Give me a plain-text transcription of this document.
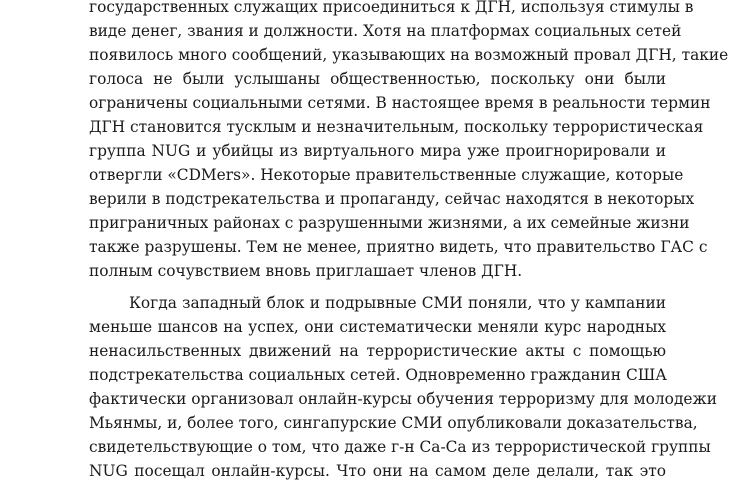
государственных служащих присоединиться к ДГН, используя стимулы в
виде денег, звания и должности. Хотя на платформах социальных сетей
появилось много сообщений, указывающих на возможный провал ДГН, такие
голоса не были услышаны общественностью, поскольку они были
ограничены социальными сетями. В настоящее время в реальности термин
ДГН становится тусклым и незначительным, поскольку террористическая
группа NUG и убийцы из виртуального мира уже проигнорировали и
отвергли «CDMers». Некоторые правительственные служащие, которые
верили в подстрекательства и пропаганду, сейчас находятся в некоторых
приграничных районах с разрушенными жизнями, а их семейные жизни
также разрушены. Тем не менее, приятно видеть, что правительство ГАС с
полным сочувствием вновь приглашает членов ДГН.
Когда западный блок и подрывные СМИ поняли, что у кампании
меньше шансов на успех, они систематически меняли курс народных
ненасильственных движений на террористические акты с помощью
подстрекательства социальных сетей. Одновременно гражданин США
фактически организовал онлайн-курсы обучения терроризму для молодежи
Мьянмы, и, более того, сингапурские СМИ опубликовали доказательства,
свидетельствующие о том, что даже г-н Са-Са из террористической группы
NUG посещал онлайн-курсы. Что они на самом деле делали, так это
